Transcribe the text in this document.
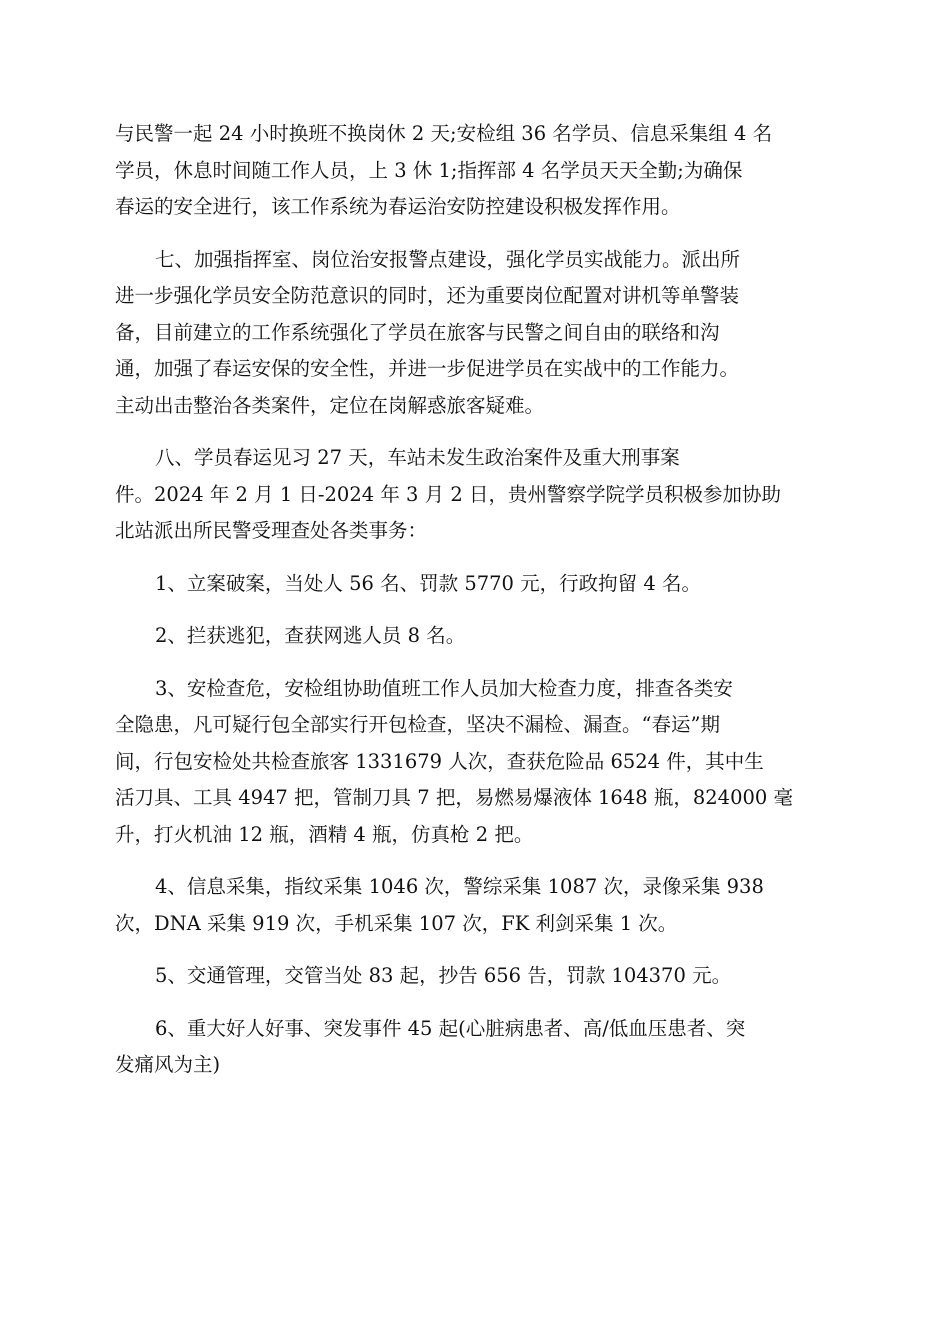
与民警一起 24 小时换班不换岗休 2 天;安检组 36 名学员、信息采集组 4 名
学员，休息时间随工作人员，上 3 休 1;指挥部 4 名学员天天全勤;为确保
春运的安全进行，该工作系统为春运治安防控建设积极发挥作用。
七、加强指挥室、岗位治安报警点建设，强化学员实战能力。派出所
进一步强化学员安全防范意识的同时，还为重要岗位配置对讲机等单警装
备，目前建立的工作系统强化了学员在旅客与民警之间自由的联络和沟
通，加强了春运安保的安全性，并进一步促进学员在实战中的工作能力。
主动出击整治各类案件，定位在岗解惑旅客疑难。
八、学员春运见习 27 天，车站未发生政治案件及重大刑事案
件。2024 年 2 月 1 日-2024 年 3 月 2 日，贵州警察学院学员积极参加协助
北站派出所民警受理查处各类事务：
1、立案破案，当处人 56 名、罚款 5770 元，行政拘留 4 名。
2、拦获逃犯，查获网逃人员 8 名。
3、安检查危，安检组协助值班工作人员加大检查力度，排查各类安
全隐患，凡可疑行包全部实行开包检查，坚决不漏检、漏查。“春运”期
间，行包安检处共检查旅客 1331679 人次，查获危险品 6524 件，其中生
活刀具、工具 4947 把，管制刀具 7 把，易燃易爆液体 1648 瓶，824000 毫
升，打火机油 12 瓶，酒精 4 瓶，仿真枪 2 把。
4、信息采集，指纹采集 1046 次，警综采集 1087 次，录像采集 938
次，DNA 采集 919 次，手机采集 107 次，FK 利剑采集 1 次。
5、交通管理，交管当处 83 起，抄告 656 告，罚款 104370 元。
6、重大好人好事、突发事件 45 起(心脏病患者、高/低血压患者、突
发痛风为主)
